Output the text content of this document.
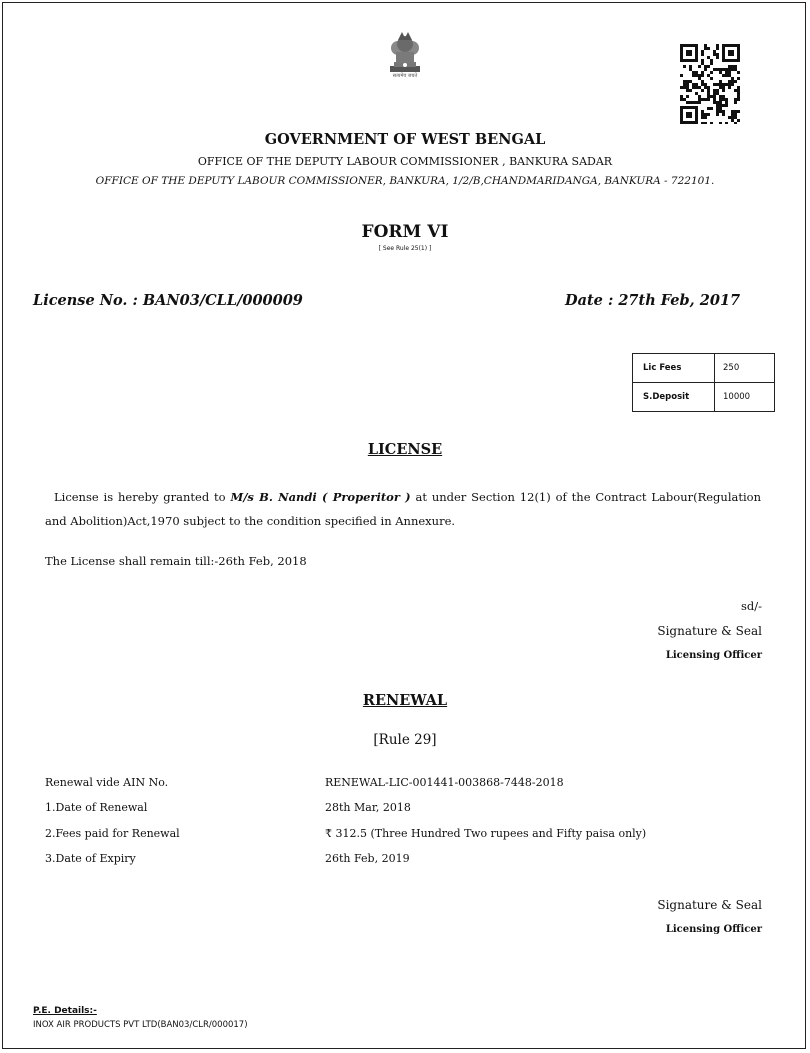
सत्यमेव जयते
GOVERNMENT OF WEST BENGAL
OFFICE OF THE DEPUTY LABOUR COMMISSIONER , BANKURA SADAR
OFFICE OF THE DEPUTY LABOUR COMMISSIONER, BANKURA, 1/2/B,CHANDMARIDANGA, BANKURA - 722101.
FORM VI
[ See Rule 25(1) ]
License No. : BAN03/CLL/000009	Date : 27th Feb, 2017
Lic Fees	250
S.Deposit	10000
LICENSE
License is hereby granted to M/s B. Nandi ( Properitor ) at under Section 12(1) of the Contract Labour(Regulation and Abolition)Act,1970 subject to the condition specified in Annexure.
The License shall remain till:-26th Feb, 2018
sd/-
Signature & Seal
Licensing Officer
RENEWAL
[Rule 29]
Renewal vide AIN No.	RENEWAL-LIC-001441-003868-7448-2018
1.Date of Renewal	28th Mar, 2018
2.Fees paid for Renewal	₹ 312.5 (Three Hundred Two rupees and Fifty paisa only)
3.Date of Expiry	26th Feb, 2019
Signature & Seal
Licensing Officer
P.E. Details:-
INOX AIR PRODUCTS PVT LTD(BAN03/CLR/000017)
